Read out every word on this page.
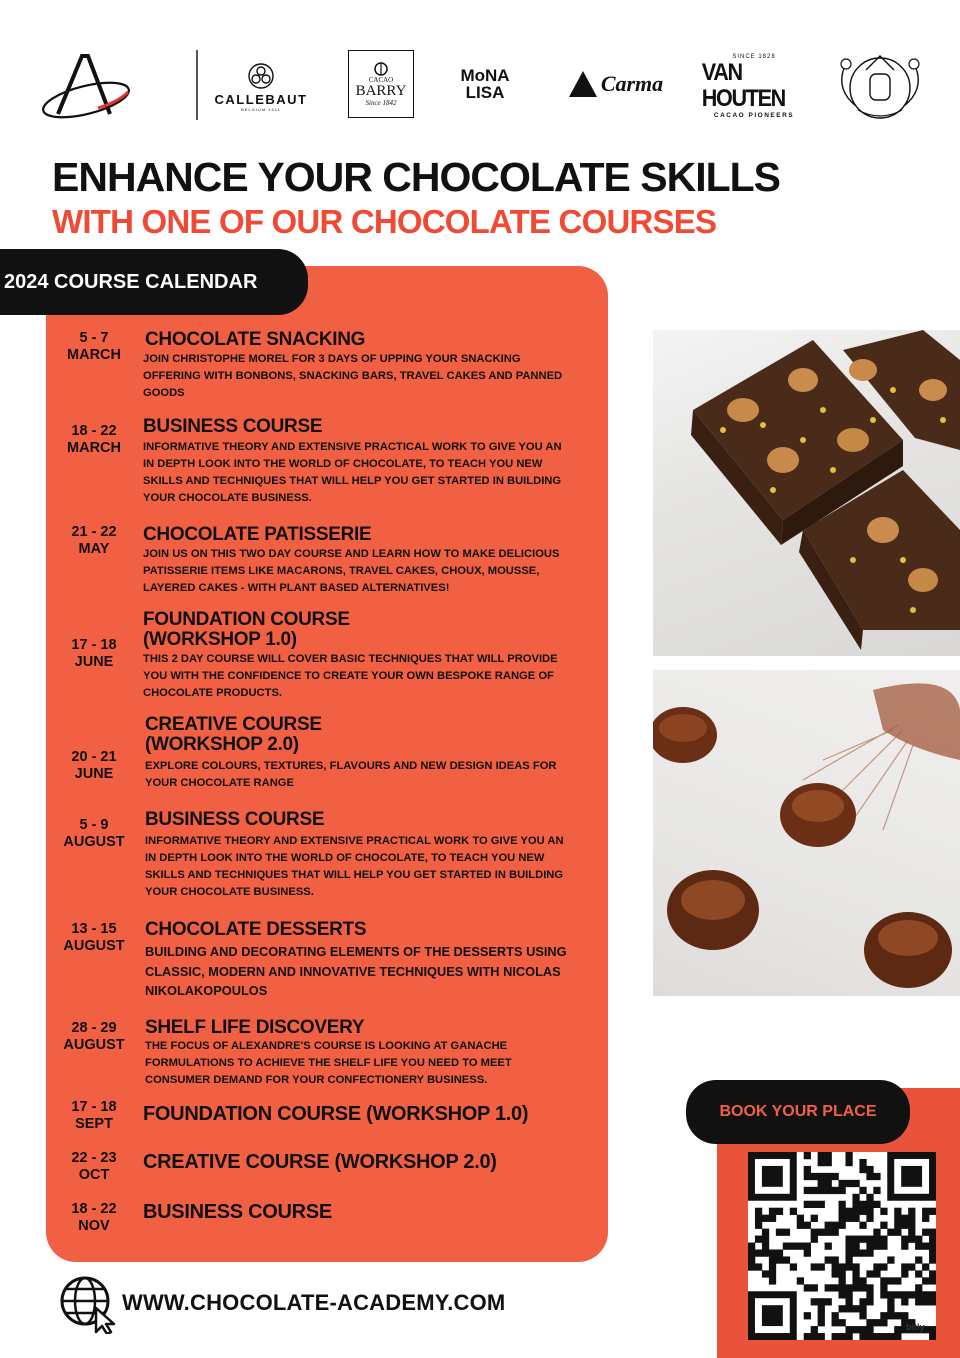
CALLEBAUT
BELGIUM 1911
CACAO
BARRY
Since 1842
MoNA
LISA	Carma
SINCE 1828
VAN HOUTEN
CACAO PIONEERS
ENHANCE YOUR CHOCOLATE SKILLS
WITH ONE OF OUR CHOCOLATE COURSES
2024 COURSE CALENDAR
5 - 7
MARCH
CHOCOLATE SNACKING
JOIN CHRISTOPHE MOREL FOR 3 DAYS OF UPPING YOUR SNACKING OFFERING WITH BONBONS, SNACKING BARS, TRAVEL CAKES AND PANNED GOODS
18 - 22
MARCH
BUSINESS COURSE
INFORMATIVE THEORY AND EXTENSIVE PRACTICAL WORK TO GIVE YOU AN IN DEPTH LOOK INTO THE WORLD OF CHOCOLATE, TO TEACH YOU NEW SKILLS AND TECHNIQUES THAT WILL HELP YOU GET STARTED IN BUILDING YOUR CHOCOLATE BUSINESS.
21 - 22
MAY
CHOCOLATE PATISSERIE
JOIN US ON THIS TWO DAY COURSE AND LEARN HOW TO MAKE DELICIOUS PATISSERIE ITEMS LIKE MACARONS, TRAVEL CAKES, CHOUX, MOUSSE, LAYERED CAKES - WITH PLANT BASED ALTERNATIVES!
17 - 18
JUNE
FOUNDATION COURSE
(WORKSHOP 1.0)
THIS 2 DAY COURSE WILL COVER BASIC TECHNIQUES THAT WILL PROVIDE YOU WITH THE CONFIDENCE TO CREATE YOUR OWN BESPOKE RANGE OF CHOCOLATE PRODUCTS.
20 - 21
JUNE
CREATIVE COURSE
(WORKSHOP 2.0)
EXPLORE COLOURS, TEXTURES, FLAVOURS AND NEW DESIGN IDEAS FOR YOUR CHOCOLATE RANGE
5 - 9
AUGUST
BUSINESS COURSE
INFORMATIVE THEORY AND EXTENSIVE PRACTICAL WORK TO GIVE YOU AN IN DEPTH LOOK INTO THE WORLD OF CHOCOLATE, TO TEACH YOU NEW SKILLS AND TECHNIQUES THAT WILL HELP YOU GET STARTED IN BUILDING YOUR CHOCOLATE BUSINESS.
13 - 15
AUGUST
CHOCOLATE DESSERTS
BUILDING AND DECORATING ELEMENTS OF THE DESSERTS USING CLASSIC, MODERN AND INNOVATIVE TECHNIQUES WITH NICOLAS NIKOLAKOPOULOS
28 - 29
AUGUST
SHELF LIFE DISCOVERY
THE FOCUS OF ALEXANDRE'S COURSE IS LOOKING AT GANACHE FORMULATIONS TO ACHIEVE THE SHELF LIFE YOU NEED TO MEET CONSUMER DEMAND FOR YOUR CONFECTIONERY BUSINESS.
17 - 18
SEPT	FOUNDATION COURSE (WORKSHOP 1.0)
22 - 23
OCT
CREATIVE COURSE (WORKSHOP 2.0)
18 - 22
NOV
BUSINESS COURSE
BOOK YOUR PLACE
bitly
WWW.CHOCOLATE-ACADEMY.COM
